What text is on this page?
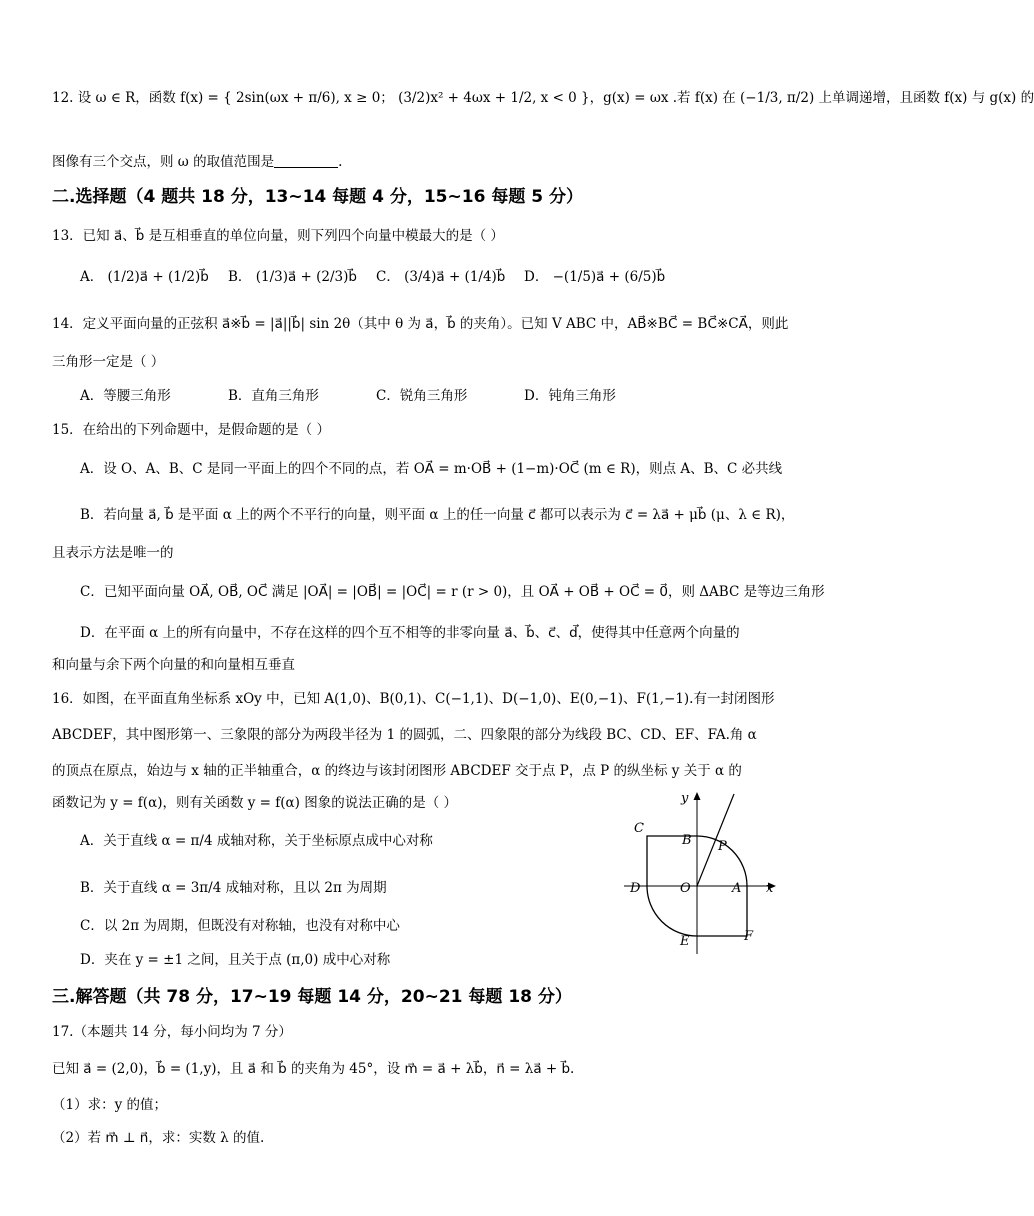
12. 设 ω ∈ R，函数 f(x) = { 2sin(ωx + π/6), x ≥ 0； (3/2)x² + 4ωx + 1/2, x < 0 }，g(x) = ωx .若 f(x) 在 (−1/3, π/2) 上单调递增，且函数 f(x) 与 g(x) 的
图像有三个交点，则 ω 的取值范围是	.
二.选择题（4 题共 18 分，13~14 每题 4 分，15~16 每题 5 分）
13．已知 a⃗、b⃗ 是互相垂直的单位向量，则下列四个向量中模最大的是（ ）
A． (1/2)a⃗ + (1/2)b⃗ B． (1/3)a⃗ + (2/3)b⃗ C． (3/4)a⃗ + (1/4)b⃗ D． −(1/5)a⃗ + (6/5)b⃗
14．定义平面向量的正弦积 a⃗※b⃗ = |a⃗||b⃗| sin 2θ（其中 θ 为 a⃗，b⃗ 的夹角）。已知 V ABC 中，AB⃗※BC⃗ = BC⃗※CA⃗，则此
三角形一定是（ ）
A．等腰三角形	B．直角三角形	C．锐角三角形	D．钝角三角形
15．在给出的下列命题中，是假命题的是（ ）
A．设 O、A、B、C 是同一平面上的四个不同的点，若 OA⃗ = m·OB⃗ + (1−m)·OC⃗ (m ∈ R)，则点 A、B、C 必共线
B．若向量 a⃗, b⃗ 是平面 α 上的两个不平行的向量，则平面 α 上的任一向量 c⃗ 都可以表示为 c⃗ = λa⃗ + μb⃗ (μ、λ ∈ R)，
且表示方法是唯一的
C．已知平面向量 OA⃗, OB⃗, OC⃗ 满足 |OA⃗| = |OB⃗| = |OC⃗| = r (r > 0)，且 OA⃗ + OB⃗ + OC⃗ = 0⃗，则 ΔABC 是等边三角形
D．在平面 α 上的所有向量中，不存在这样的四个互不相等的非零向量 a⃗、b⃗、c⃗、d⃗，使得其中任意两个向量的
和向量与余下两个向量的和向量相互垂直
16．如图，在平面直角坐标系 xOy 中，已知 A(1,0)、B(0,1)、C(−1,1)、D(−1,0)、E(0,−1)、F(1,−1).有一封闭图形
ABCDEF，其中图形第一、三象限的部分为两段半径为 1 的圆弧，二、四象限的部分为线段 BC、CD、EF、FA.角 α
的顶点在原点，始边与 x 轴的正半轴重合，α 的终边与该封闭图形 ABCDEF 交于点 P，点 P 的纵坐标 y 关于 α 的
函数记为 y = f(α)，则有关函数 y = f(α) 图象的说法正确的是（ ）
A．关于直线 α = π/4 成轴对称，关于坐标原点成中心对称
B．关于直线 α = 3π/4 成轴对称，且以 2π 为周期
C．以 2π 为周期，但既没有对称轴，也没有对称中心
D．夹在 y = ±1 之间，且关于点 (π,0) 成中心对称
y
x
C
B P
D	O	A
E	F
三.解答题（共 78 分，17~19 每题 14 分，20~21 每题 18 分）
17.（本题共 14 分，每小问均为 7 分）
已知 a⃗ = (2,0)，b⃗ = (1,y)，且 a⃗ 和 b⃗ 的夹角为 45°，设 m⃗ = a⃗ + λb⃗，n⃗ = λa⃗ + b⃗.
（1）求：y 的值；
（2）若 m⃗ ⊥ n⃗，求：实数 λ 的值.
